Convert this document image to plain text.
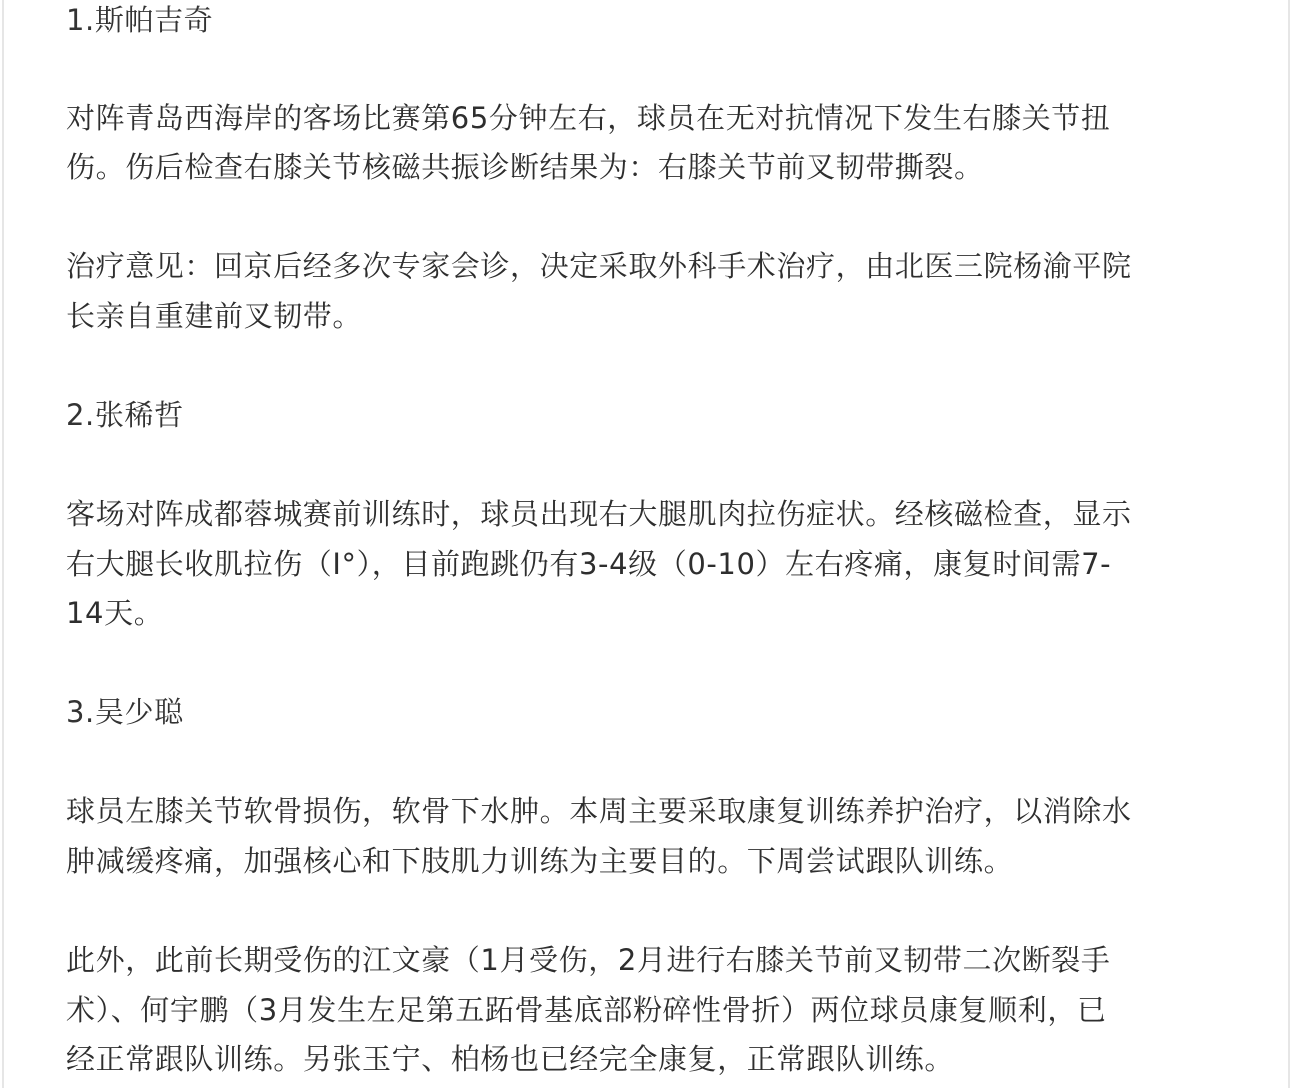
1.斯帕吉奇
对阵青岛西海岸的客场比赛第65分钟左右，球员在无对抗情况下发生右膝关节扭
伤。伤后检查右膝关节核磁共振诊断结果为：右膝关节前叉韧带撕裂。
治疗意见：回京后经多次专家会诊，决定采取外科手术治疗，由北医三院杨渝平院
长亲自重建前叉韧带。
2.张稀哲
客场对阵成都蓉城赛前训练时，球员出现右大腿肌肉拉伤症状。经核磁检查，显示
右大腿长收肌拉伤（I°），目前跑跳仍有3-4级（0-10）左右疼痛，康复时间需7-
14天。
3.吴少聪
球员左膝关节软骨损伤，软骨下水肿。本周主要采取康复训练养护治疗，以消除水
肿减缓疼痛，加强核心和下肢肌力训练为主要目的。下周尝试跟队训练。
此外，此前长期受伤的江文豪（1月受伤，2月进行右膝关节前叉韧带二次断裂手
术）、何宇鹏（3月发生左足第五跖骨基底部粉碎性骨折）两位球员康复顺利，已
经正常跟队训练。另张玉宁、柏杨也已经完全康复，正常跟队训练。
